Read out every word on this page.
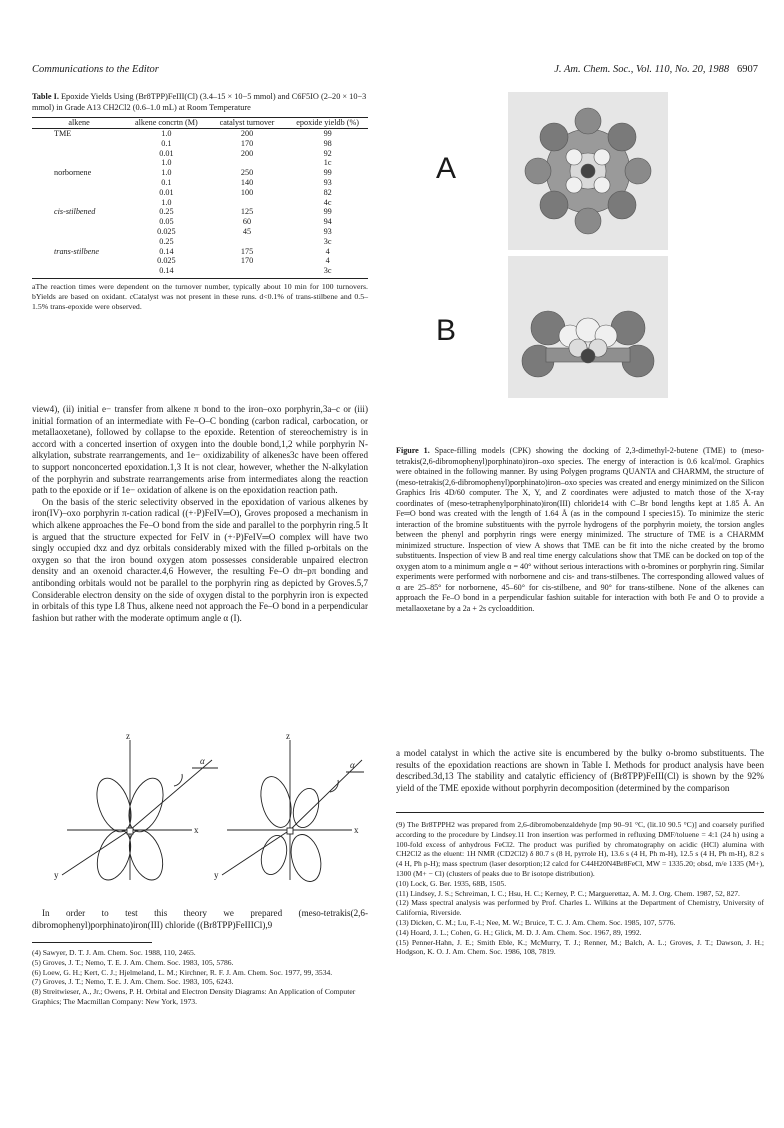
Communications to the Editor	J. Am. Chem. Soc., Vol. 110, No. 20, 1988 6907
Table I. Epoxide Yields Using (Br8TPP)FeIII(Cl) (3.4–15 × 10−5 mmol) and C6F5IO (2–20 × 10−3 mmol) in Grade A13 CH2Cl2 (0.6–1.0 mL) at Room Temperature
alkene	alkene concrtn (M)	catalyst turnover	epoxide yieldb (%)
TME	1.0	200	99
	0.1	170	98
	0.01	200	92
	1.0		1c
norbornene	1.0	250	99
	0.1	140	93
	0.01	100	82
	1.0		4c
cis-stilbened	0.25	125	99
	0.05	60	94
	0.025	45	93
	0.25		3c
trans-stilbene	0.14	175	4
	0.025	170	4
	0.14		3c
aThe reaction times were dependent on the turnover number, typically about 10 min for 100 turnovers. bYields are based on oxidant. cCatalyst was not present in these runs. d<0.1% of trans-stilbene and 0.5–1.5% trans-epoxide were observed.

view4), (ii) initial e− transfer from alkene π bond to the iron–oxo porphyrin,3a–c or (iii) initial formation of an intermediate with Fe–O–C bonding (carbon radical, carbocation, or metallaoxetane), followed by collapse to the epoxide. Retention of stereochemistry is in accord with a concerted insertion of oxygen into the double bond,1,2 while porphyrin N-alkylation, substrate rearrangements, and 1e− oxidizability of alkenes3c have been offered to support nonconcerted epoxidation.1,3 It is not clear, however, whether the N-alkylation of the porphyrin and substrate rearrangements arise from intermediates along the reaction path to the epoxide or if 1e− oxidation of alkene is on the epoxidation reaction path.

On the basis of the steric selectivity observed in the epoxidation of various alkenes by iron(IV)–oxo porphyrin π-cation radical ((+·P)FeIV═O), Groves proposed a mechanism in which alkene approaches the Fe–O bond from the side and parallel to the porphyrin ring.5 It is argued that the structure expected for FeIV in (+·P)FeIV═O complex will have two singly occupied dxz and dyz orbitals considerably mixed with the filled p-orbitals on the oxygen so that the iron bound oxygen atom possesses considerable unpaired electron density and an oxenoid character.4,6 However, the resulting Fe–O dπ–pπ bonding and antibonding orbitals would not be parallel to the porphyrin ring as depicted by Groves.5,7 Considerable electron density on the side of oxygen distal to the porphyrin iron is expected in orbitals of this type I.8 Thus, alkene need not approach the Fe–O bond in a perpendicular fashion but rather with the moderate optimum angle α (I).

z
x
y
α
z
x
y
α

In order to test this theory we prepared (meso-tetrakis(2,6-dibromophenyl)porphinato)iron(III) chloride ((Br8TPP)FeIIICl),9

(4) Sawyer, D. T. J. Am. Chem. Soc. 1988, 110, 2465.
(5) Groves, J. T.; Nemo, T. E. J. Am. Chem. Soc. 1983, 105, 5786.
(6) Loew, G. H.; Kert, C. J.; Hjelmeland, L. M.; Kirchner, R. F. J. Am. Chem. Soc. 1977, 99, 3534.
(7) Groves, J. T.; Nemo, T. E. J. Am. Chem. Soc. 1983, 105, 6243.
(8) Streitwieser, A., Jr.; Owens, P. H. Orbital and Electron Density Diagrams: An Application of Computer Graphics; The Macmillan Company: New York, 1973.
A
B
Figure 1. Space-filling models (CPK) showing the docking of 2,3-dimethyl-2-butene (TME) to (meso-tetrakis(2,6-dibromophenyl)porphinato)iron–oxo species. The energy of interaction is 0.6 kcal/mol. Graphics were obtained in the following manner. By using Polygen programs QUANTA and CHARMM, the structure of (meso-tetrakis(2,6-dibromophenyl)porphinato)iron–oxo species was created and energy minimized on the Silicon Graphics Iris 4D/60 computer. The X, Y, and Z coordinates were adjusted to match those of the X-ray coordinates of (meso-tetraphenylporphinato)iron(III) chloride14 with C–Br bond lengths kept at 1.85 Å. An Fe═O bond was created with the length of 1.64 Å (as in the compound I species15). To minimize the steric interaction of the bromine substituents with the pyrrole hydrogens of the porphyrin moiety, the torsion angles between the phenyl and porphyrin rings were energy minimized. The structure of TME is a CHARMM minimized structure. Inspection of view A shows that TME can be fit into the niche created by the bromo substituents. Inspection of view B and real time energy calculations show that TME can be docked on top of the oxygen atom to a minimum angle α = 40° without serious interactions with o-bromines or porphyrin ring. Similar experiments were performed with norbornene and cis- and trans-stilbenes. The corresponding allowed values of α are 25–85° for norbornene, 45–60° for cis-stilbene, and 90° for trans-stilbene. None of the alkenes can approach the Fe–O bond in a perpendicular fashion suitable for interaction with both Fe and O to provide a metallaoxetane by a 2a + 2s cycloaddition.

a model catalyst in which the active site is encumbered by the bulky o-bromo substituents. The results of the epoxidation reactions are shown in Table I. Methods for product analysis have been described.3d,13 The stability and catalytic efficiency of (Br8TPP)FeIII(Cl) is shown by the 92% yield of the TME epoxide without porphyrin decomposition (determined by the comparison

(9) The Br8TPPH2 was prepared from 2,6-dibromobenzaldehyde [mp 90–91 °C, (lit.10 90.5 °C)] and coarsely purified according to the procedure by Lindsey.11 Iron insertion was performed in refluxing DMF/toluene = 4:1 (24 h) using a 100-fold excess of anhydrous FeCl2. The product was purified by chromatography on acidic (HCl) alumina with CH2Cl2 as the eluent: 1H NMR (CD2Cl2) δ 80.7 s (8 H, pyrrole H), 13.6 s (4 H, Ph m-H), 12.5 s (4 H, Ph m-H), 8.2 s (4 H, Ph p-H); mass spectrum (laser desorption;12 calcd for C44H20N4Br8FeCl, MW = 1335.20; obsd, m/e 1335 (M+), 1300 (M+ − Cl) (clusters of peaks due to Br isotope distribution).
(10) Lock, G. Ber. 1935, 68B, 1505.
(11) Lindsey, J. S.; Schreiman, I. C.; Hsu, H. C.; Kerney, P. C.; Marguerettaz, A. M. J. Org. Chem. 1987, 52, 827.
(12) Mass spectral analysis was performed by Prof. Charles L. Wilkins at the Department of Chemistry, University of California, Riverside.
(13) Dicken, C. M.; Lu, F.-l.; Nee, M. W.; Bruice, T. C. J. Am. Chem. Soc. 1985, 107, 5776.
(14) Hoard, J. L.; Cohen, G. H.; Glick, M. D. J. Am. Chem. Soc. 1967, 89, 1992.
(15) Penner-Hahn, J. E.; Smith Eble, K.; McMurry, T. J.; Renner, M.; Balch, A. L.; Groves, J. T.; Dawson, J. H.; Hodgson, K. O. J. Am. Chem. Soc. 1986, 108, 7819.
